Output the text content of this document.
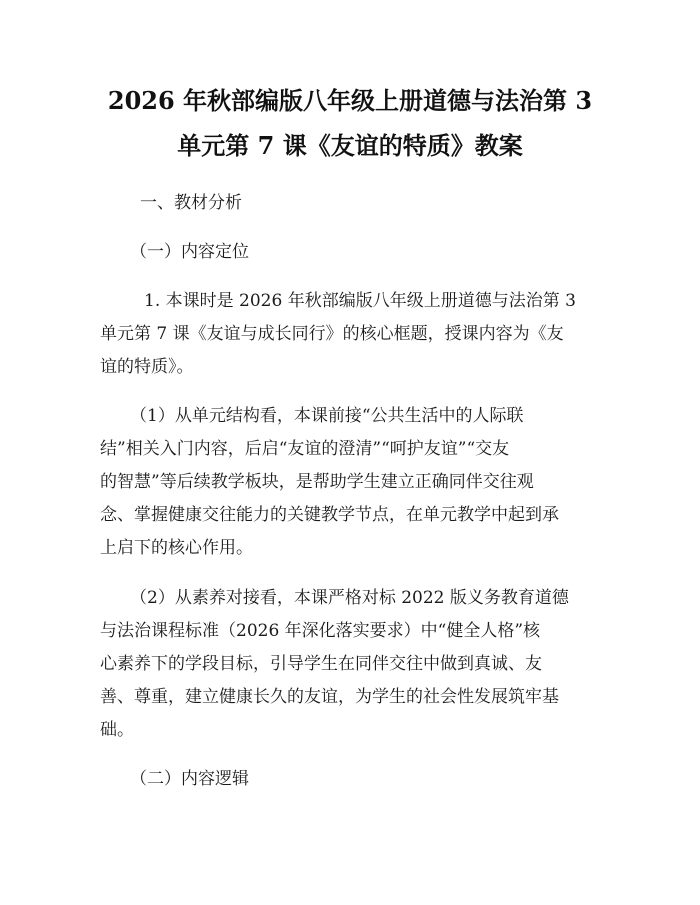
2026 年秋部编版八年级上册道德与法治第 3
单元第 7 课《友谊的特质》教案
一、教材分析
（一）内容定位
1. 本课时是 2026 年秋部编版八年级上册道德与法治第 3
单元第 7 课《友谊与成长同行》的核心框题，授课内容为《友
谊的特质》。
（1）从单元结构看，本课前接“公共生活中的人际联
结”相关入门内容，后启“友谊的澄清”“呵护友谊”“交友
的智慧”等后续教学板块，是帮助学生建立正确同伴交往观
念、掌握健康交往能力的关键教学节点，在单元教学中起到承
上启下的核心作用。
（2）从素养对接看，本课严格对标 2022 版义务教育道德
与法治课程标准（2026 年深化落实要求）中“健全人格”核
心素养下的学段目标，引导学生在同伴交往中做到真诚、友
善、尊重，建立健康长久的友谊，为学生的社会性发展筑牢基
础。
（二）内容逻辑
